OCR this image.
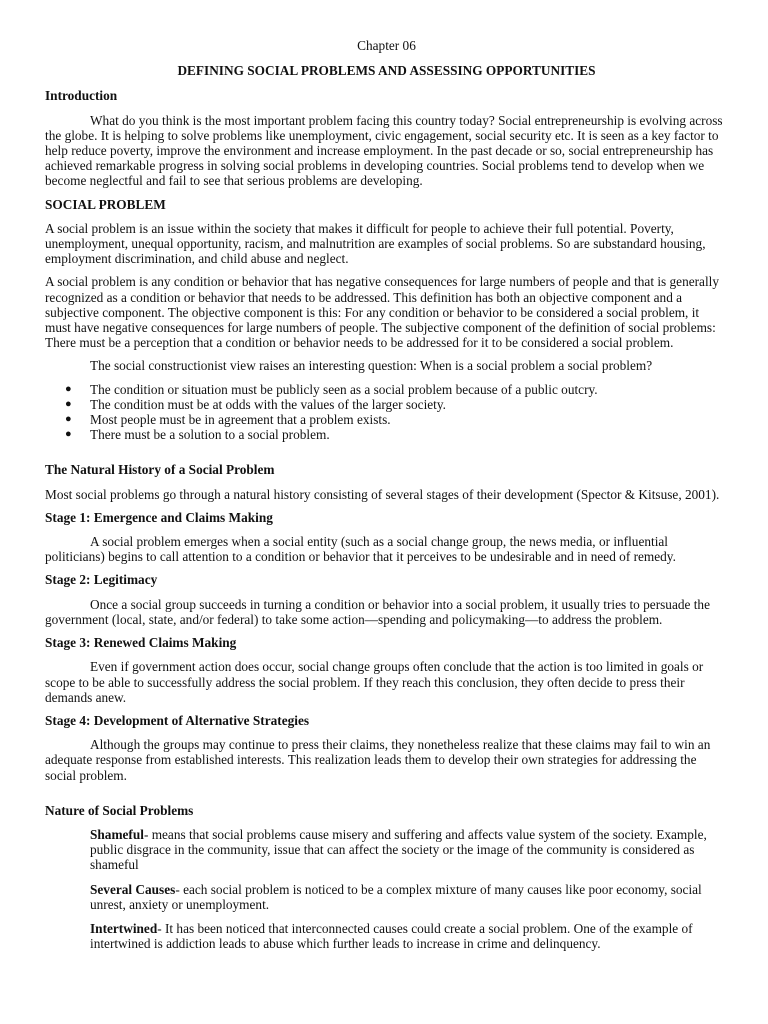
Chapter 06
DEFINING SOCIAL PROBLEMS AND ASSESSING OPPORTUNITIES
Introduction

What do you think is the most important problem facing this country today? Social entrepreneurship is evolving across the globe. It is helping to solve problems like unemployment, civic engagement, social security etc. It is seen as a key factor to help reduce poverty, improve the environment and increase employment. In the past decade or so, social entrepreneurship has achieved remarkable progress in solving social problems in developing countries. Social problems tend to develop when we become neglectful and fail to see that serious problems are developing.

SOCIAL PROBLEM

A social problem is an issue within the society that makes it difficult for people to achieve their full potential. Poverty, unemployment, unequal opportunity, racism, and malnutrition are examples of social problems. So are substandard housing, employment discrimination, and child abuse and neglect.

A social problem is any condition or behavior that has negative consequences for large numbers of people and that is generally recognized as a condition or behavior that needs to be addressed. This definition has both an objective component and a subjective component. The objective component is this: For any condition or behavior to be considered a social problem, it must have negative consequences for large numbers of people. The subjective component of the definition of social problems: There must be a perception that a condition or behavior needs to be addressed for it to be considered a social problem.

The social constructionist view raises an interesting question: When is a social problem a social problem?

● The condition or situation must be publicly seen as a social problem because of a public outcry.
● The condition must be at odds with the values of the larger society.
● Most people must be in agreement that a problem exists.
● There must be a solution to a social problem.
The Natural History of a Social Problem

Most social problems go through a natural history consisting of several stages of their development (Spector & Kitsuse, 2001).

Stage 1: Emergence and Claims Making

A social problem emerges when a social entity (such as a social change group, the news media, or influential politicians) begins to call attention to a condition or behavior that it perceives to be undesirable and in need of remedy.

Stage 2: Legitimacy

Once a social group succeeds in turning a condition or behavior into a social problem, it usually tries to persuade the government (local, state, and/or federal) to take some action—spending and policymaking—to address the problem.

Stage 3: Renewed Claims Making

Even if government action does occur, social change groups often conclude that the action is too limited in goals or scope to be able to successfully address the social problem. If they reach this conclusion, they often decide to press their demands anew.

Stage 4: Development of Alternative Strategies

Although the groups may continue to press their claims, they nonetheless realize that these claims may fail to win an adequate response from established interests. This realization leads them to develop their own strategies for addressing the social problem.

Nature of Social Problems
Shameful- means that social problems cause misery and suffering and affects value system of the society. Example, public disgrace in the community, issue that can affect the society or the image of the community is considered as shameful
Several Causes- each social problem is noticed to be a complex mixture of many causes like poor economy, social unrest, anxiety or unemployment.
Intertwined- It has been noticed that interconnected causes could create a social problem. One of the example of intertwined is addiction leads to abuse which further leads to increase in crime and delinquency.
